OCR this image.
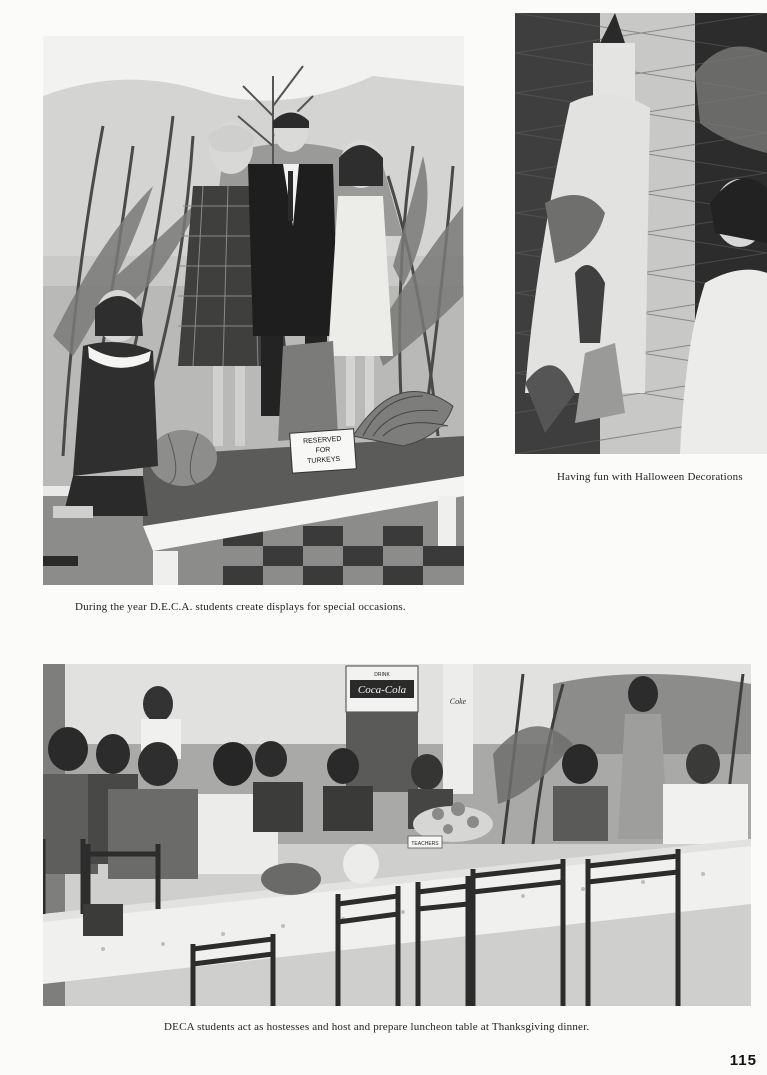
RESERVED
FOR
TURKEYS
Having fun with Halloween Decorations
During the year D.E.C.A. students create displays for special occasions.
DRINK
Coca-Cola
Coke
TEACHERS
DECA students act as hostesses and host and prepare luncheon table at Thanksgiving dinner.
115
